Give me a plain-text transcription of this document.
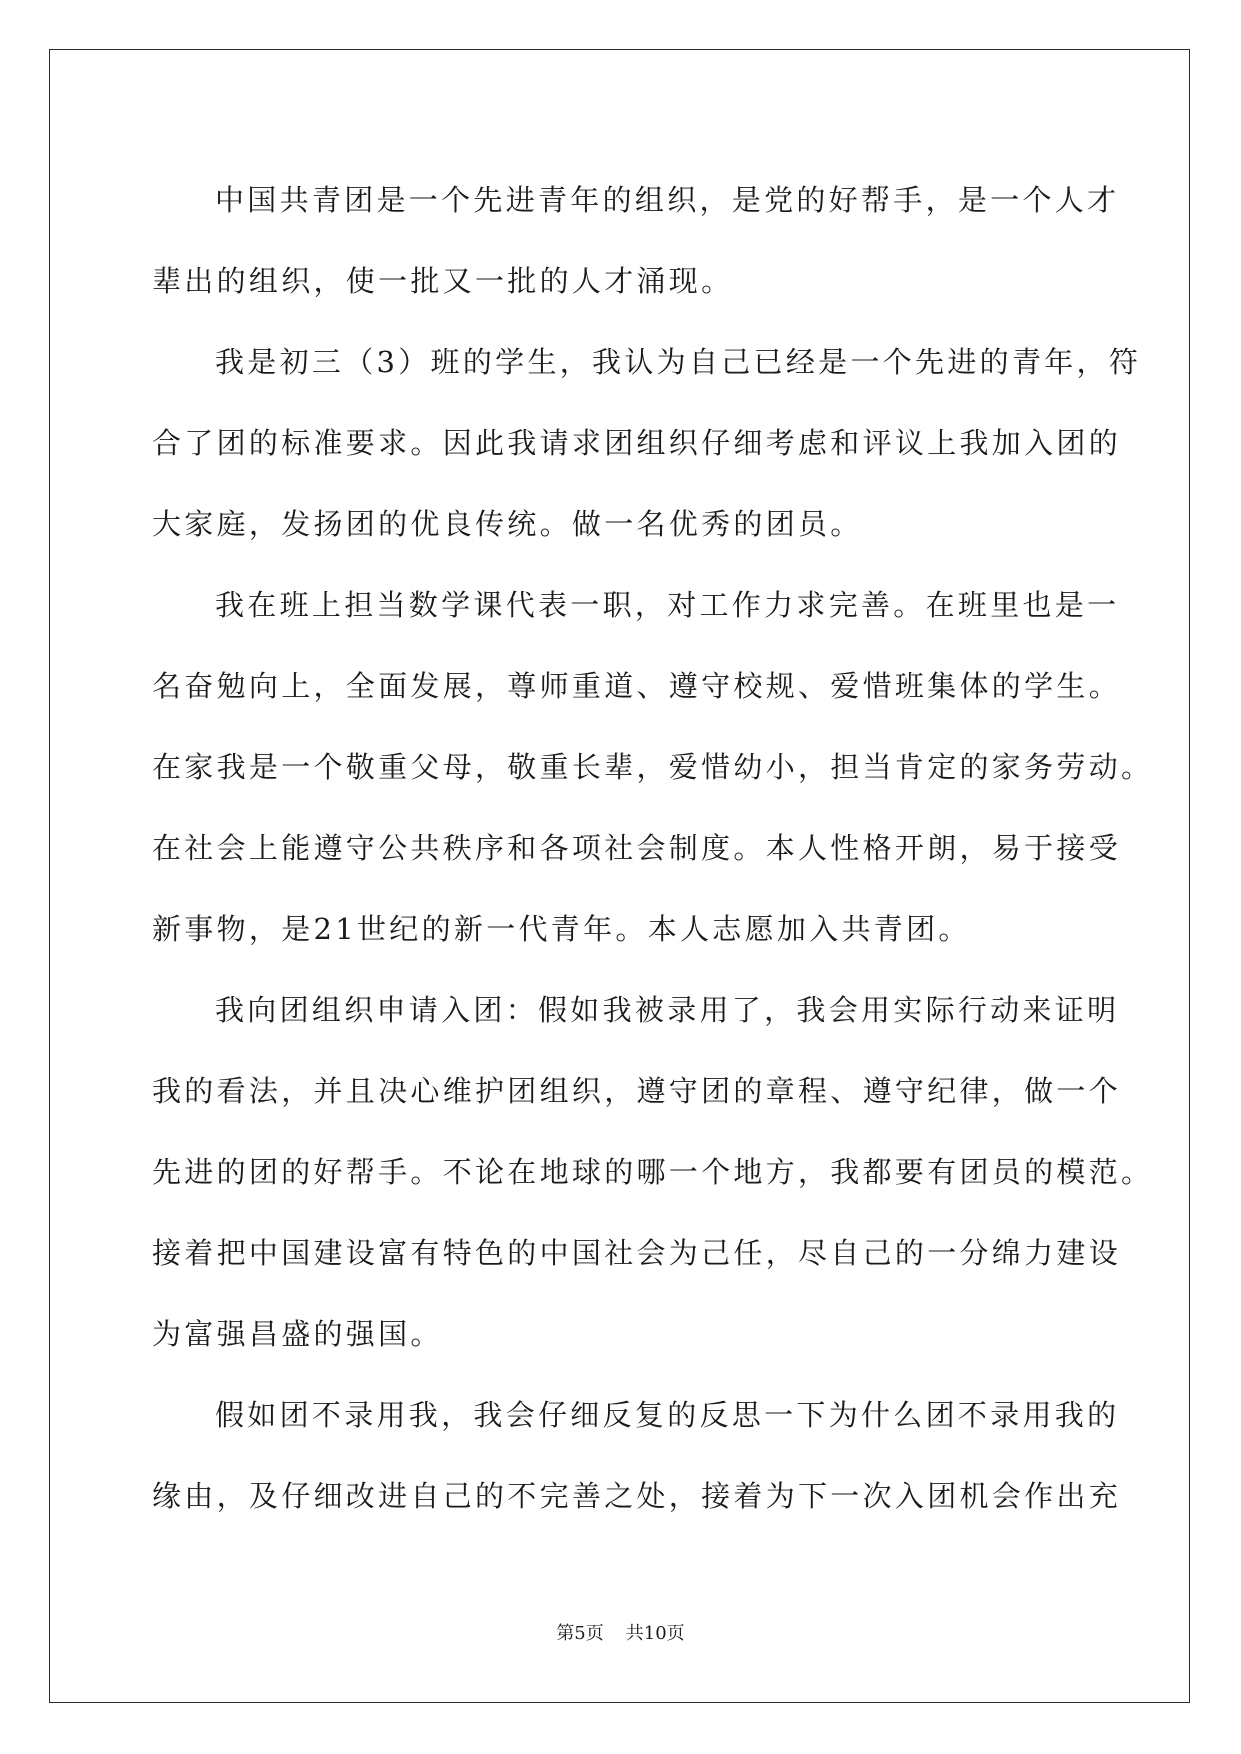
中国共青团是一个先进青年的组织，是党的好帮手，是一个人才
辈出的组织，使一批又一批的人才涌现。
我是初三（3）班的学生，我认为自己已经是一个先进的青年，符
合了团的标准要求。因此我请求团组织仔细考虑和评议上我加入团的
大家庭，发扬团的优良传统。做一名优秀的团员。
我在班上担当数学课代表一职，对工作力求完善。在班里也是一
名奋勉向上，全面发展，尊师重道、遵守校规、爱惜班集体的学生。
在家我是一个敬重父母，敬重长辈，爱惜幼小，担当肯定的家务劳动。
在社会上能遵守公共秩序和各项社会制度。本人性格开朗，易于接受
新事物，是21世纪的新一代青年。本人志愿加入共青团。
我向团组织申请入团：假如我被录用了，我会用实际行动来证明
我的看法，并且决心维护团组织，遵守团的章程、遵守纪律，做一个
先进的团的好帮手。不论在地球的哪一个地方，我都要有团员的模范。
接着把中国建设富有特色的中国社会为己任，尽自己的一分绵力建设
为富强昌盛的强国。
假如团不录用我，我会仔细反复的反思一下为什么团不录用我的
缘由，及仔细改进自己的不完善之处，接着为下一次入团机会作出充
第5页 共10页
